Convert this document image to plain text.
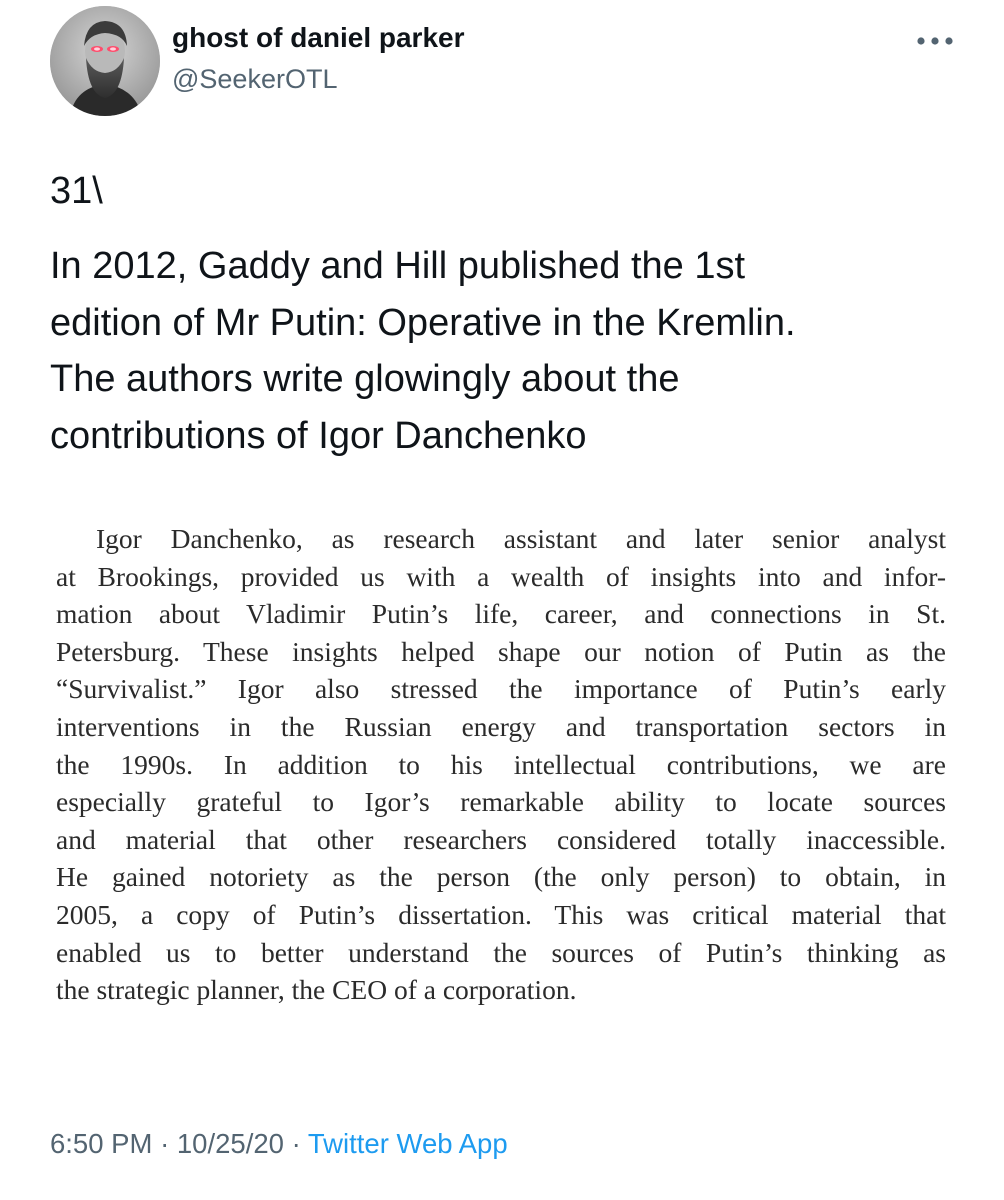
ghost of daniel parker
@SeekerOTL
31\
In 2012, Gaddy and Hill published the 1st
edition of Mr Putin: Operative in the Kremlin.
The authors write glowingly about the
contributions of Igor Danchenko
Igor Danchenko, as research assistant and later senior analyst
at Brookings, provided us with a wealth of insights into and infor-
mation about Vladimir Putin’s life, career, and connections in St.
Petersburg. These insights helped shape our notion of Putin as the
“Survivalist.” Igor also stressed the importance of Putin’s early
interventions in the Russian energy and transportation sectors in
the 1990s. In addition to his intellectual contributions, we are
especially grateful to Igor’s remarkable ability to locate sources
and material that other researchers considered totally inaccessible.
He gained notoriety as the person (the only person) to obtain, in
2005, a copy of Putin’s dissertation. This was critical material that
enabled us to better understand the sources of Putin’s thinking as
the strategic planner, the CEO of a corporation.
6:50 PM · 10/25/20 · Twitter Web App
